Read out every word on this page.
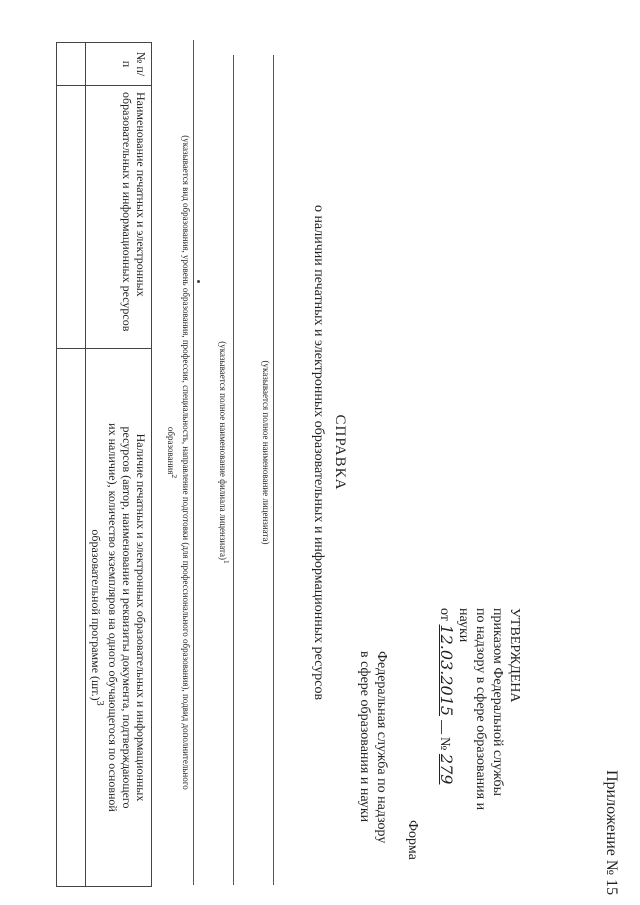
Приложение № 15
УТВЕРЖДЕНА
приказом Федеральной службы
по надзору в сфере образования и
науки
от 12.03.2015  № 279
Форма
Федеральная служба по надзору
в сфере образования и науки
СПРАВКА
о наличии печатных и электронных образовательных и информационных ресурсов
(указывается полное наименование лицензиата)
(указывается полное наименование филиала лицензиата)$^1$
(указывается вид образования, уровень образования, профессия, специальность, направление подготовки (для профессионального образования), подвид дополнительного
образования$^2$
№ п/п	Наименование печатных и электронных образовательных и информационных ресурсов	Наличие печатных и электронных образовательных и информационных
ресурсов (автор, наименование и реквизиты документа, подтверждающего
их наличие), количество экземпляров на одного обучающегося по основной
образовательной программе $(шт.)^3$
